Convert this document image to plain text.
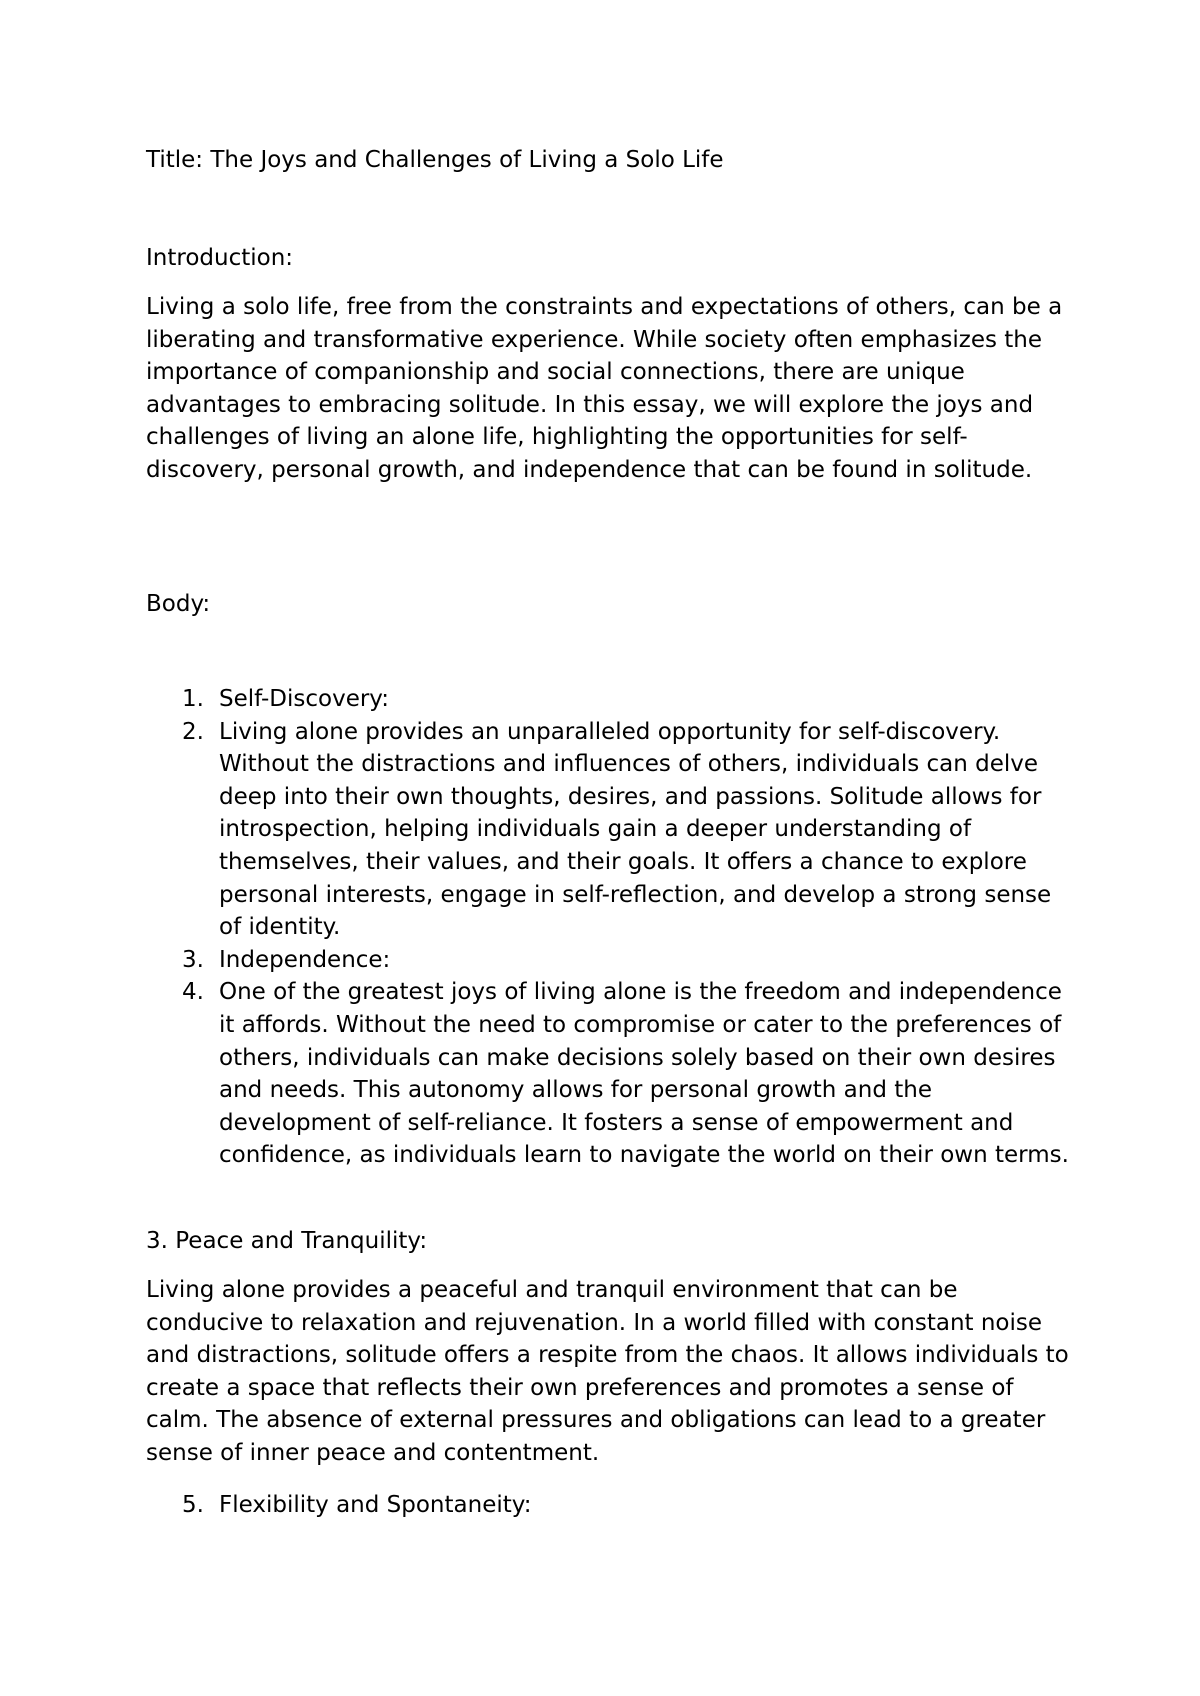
Title: The Joys and Challenges of Living a Solo Life
Introduction:
Living a solo life, free from the constraints and expectations of others, can be a liberating and transformative experience. While society often emphasizes the importance of companionship and social connections, there are unique advantages to embracing solitude. In this essay, we will explore the joys and challenges of living an alone life, highlighting the opportunities for self-discovery, personal growth, and independence that can be found in solitude.
Body:
1. Self-Discovery:
2. Living alone provides an unparalleled opportunity for self-discovery. Without the distractions and influences of others, individuals can delve deep into their own thoughts, desires, and passions. Solitude allows for introspection, helping individuals gain a deeper understanding of themselves, their values, and their goals. It offers a chance to explore personal interests, engage in self-reflection, and develop a strong sense of identity.
3. Independence:
4. One of the greatest joys of living alone is the freedom and independence it affords. Without the need to compromise or cater to the preferences of others, individuals can make decisions solely based on their own desires and needs. This autonomy allows for personal growth and the development of self-reliance. It fosters a sense of empowerment and confidence, as individuals learn to navigate the world on their own terms.
3. Peace and Tranquility:
Living alone provides a peaceful and tranquil environment that can be conducive to relaxation and rejuvenation. In a world filled with constant noise and distractions, solitude offers a respite from the chaos. It allows individuals to create a space that reflects their own preferences and promotes a sense of calm. The absence of external pressures and obligations can lead to a greater sense of inner peace and contentment.
5. Flexibility and Spontaneity:
